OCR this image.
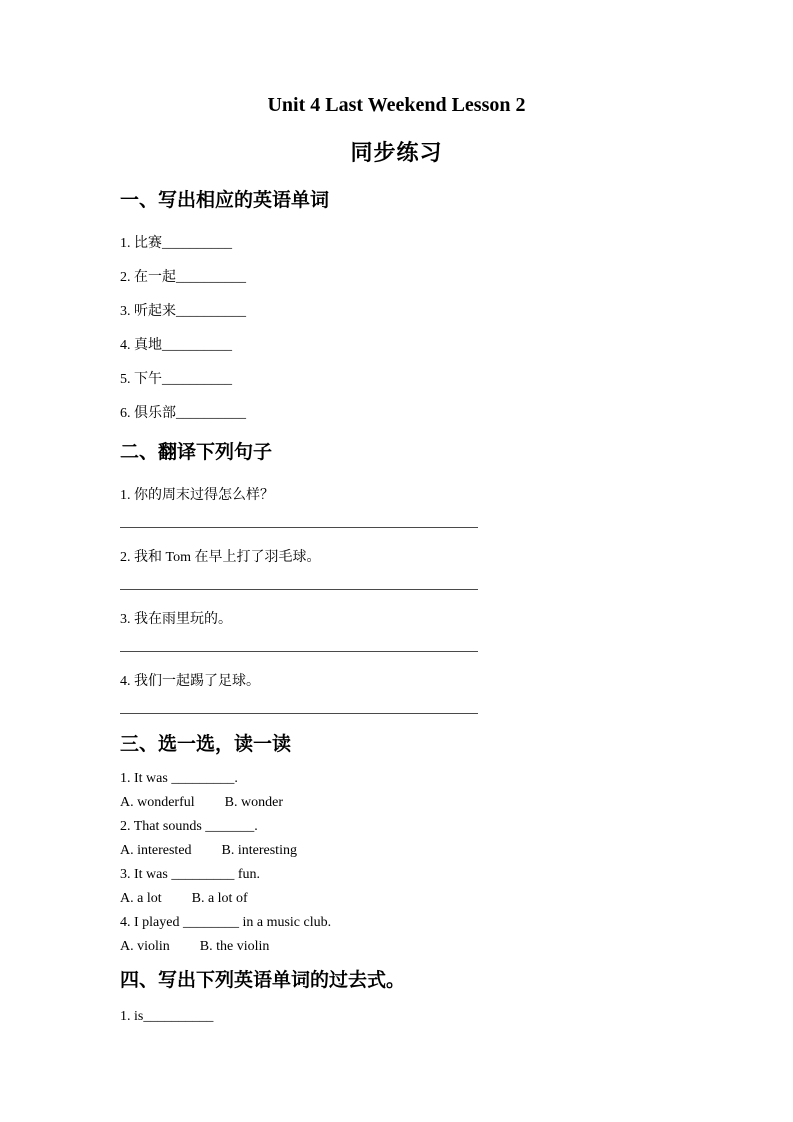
Unit 4 Last Weekend Lesson 2
同步练习
一、写出相应的英语单词

1. 比赛__________

2. 在一起__________

3. 听起来__________

4. 真地__________

5. 下午__________

6. 俱乐部__________

二、翻译下列句子

1. 你的周末过得怎么样？

2. 我和 Tom 在早上打了羽毛球。

3. 我在雨里玩的。

4. 我们一起踢了足球。

三、选一选，读一读

1. It was _________.

A. wonderful B. wonder

2. That sounds _______.

A. interested B. interesting

3. It was _________ fun.

A. a lot B. a lot of

4. I played ________ in a music club.

A. violin B. the violin

四、写出下列英语单词的过去式。

1. is__________
